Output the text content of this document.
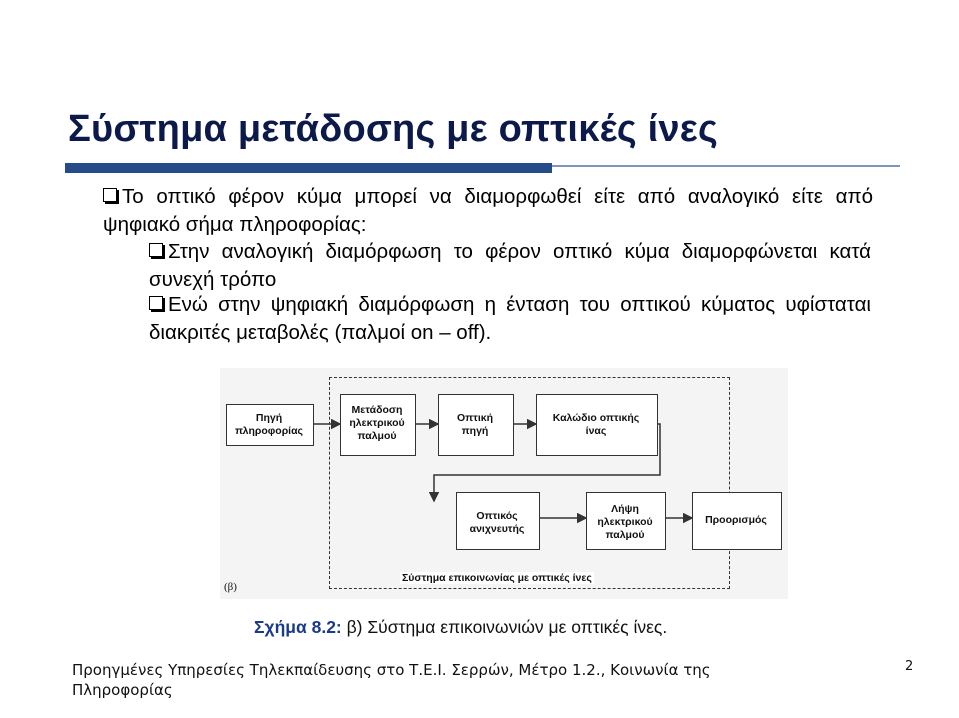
Σύστημα μετάδοσης με οπτικές ίνες
Το οπτικό φέρον κύμα μπορεί να διαμορφωθεί είτε από αναλογικό είτε από ψηφιακό σήμα πληροφορίας:
Στην αναλογική διαμόρφωση το φέρον οπτικό κύμα διαμορφώνεται κατά συνεχή τρόπο
Ενώ στην ψηφιακή διαμόρφωση η ένταση του οπτικού κύματος υφίσταται διακριτές μεταβολές (παλμοί on – off).
Πηγή πληροφορίας
Μετάδοση ηλεκτρικού παλμού
Οπτική πηγή
Καλώδιο οπτικής ίνας
Οπτικός ανιχνευτής
Λήψη ηλεκτρικού παλμού
Προορισμός
Σύστημα επικοινωνίας με οπτικές ίνες
(β)
Σχήμα 8.2: β) Σύστημα επικοινωνιών με οπτικές ίνες.
Προηγμένες Υπηρεσίες Τηλεκπαίδευσης στο Τ.Ε.Ι. Σερρών, Μέτρο 1.2., Κοινωνία της Πληροφορίας
2
